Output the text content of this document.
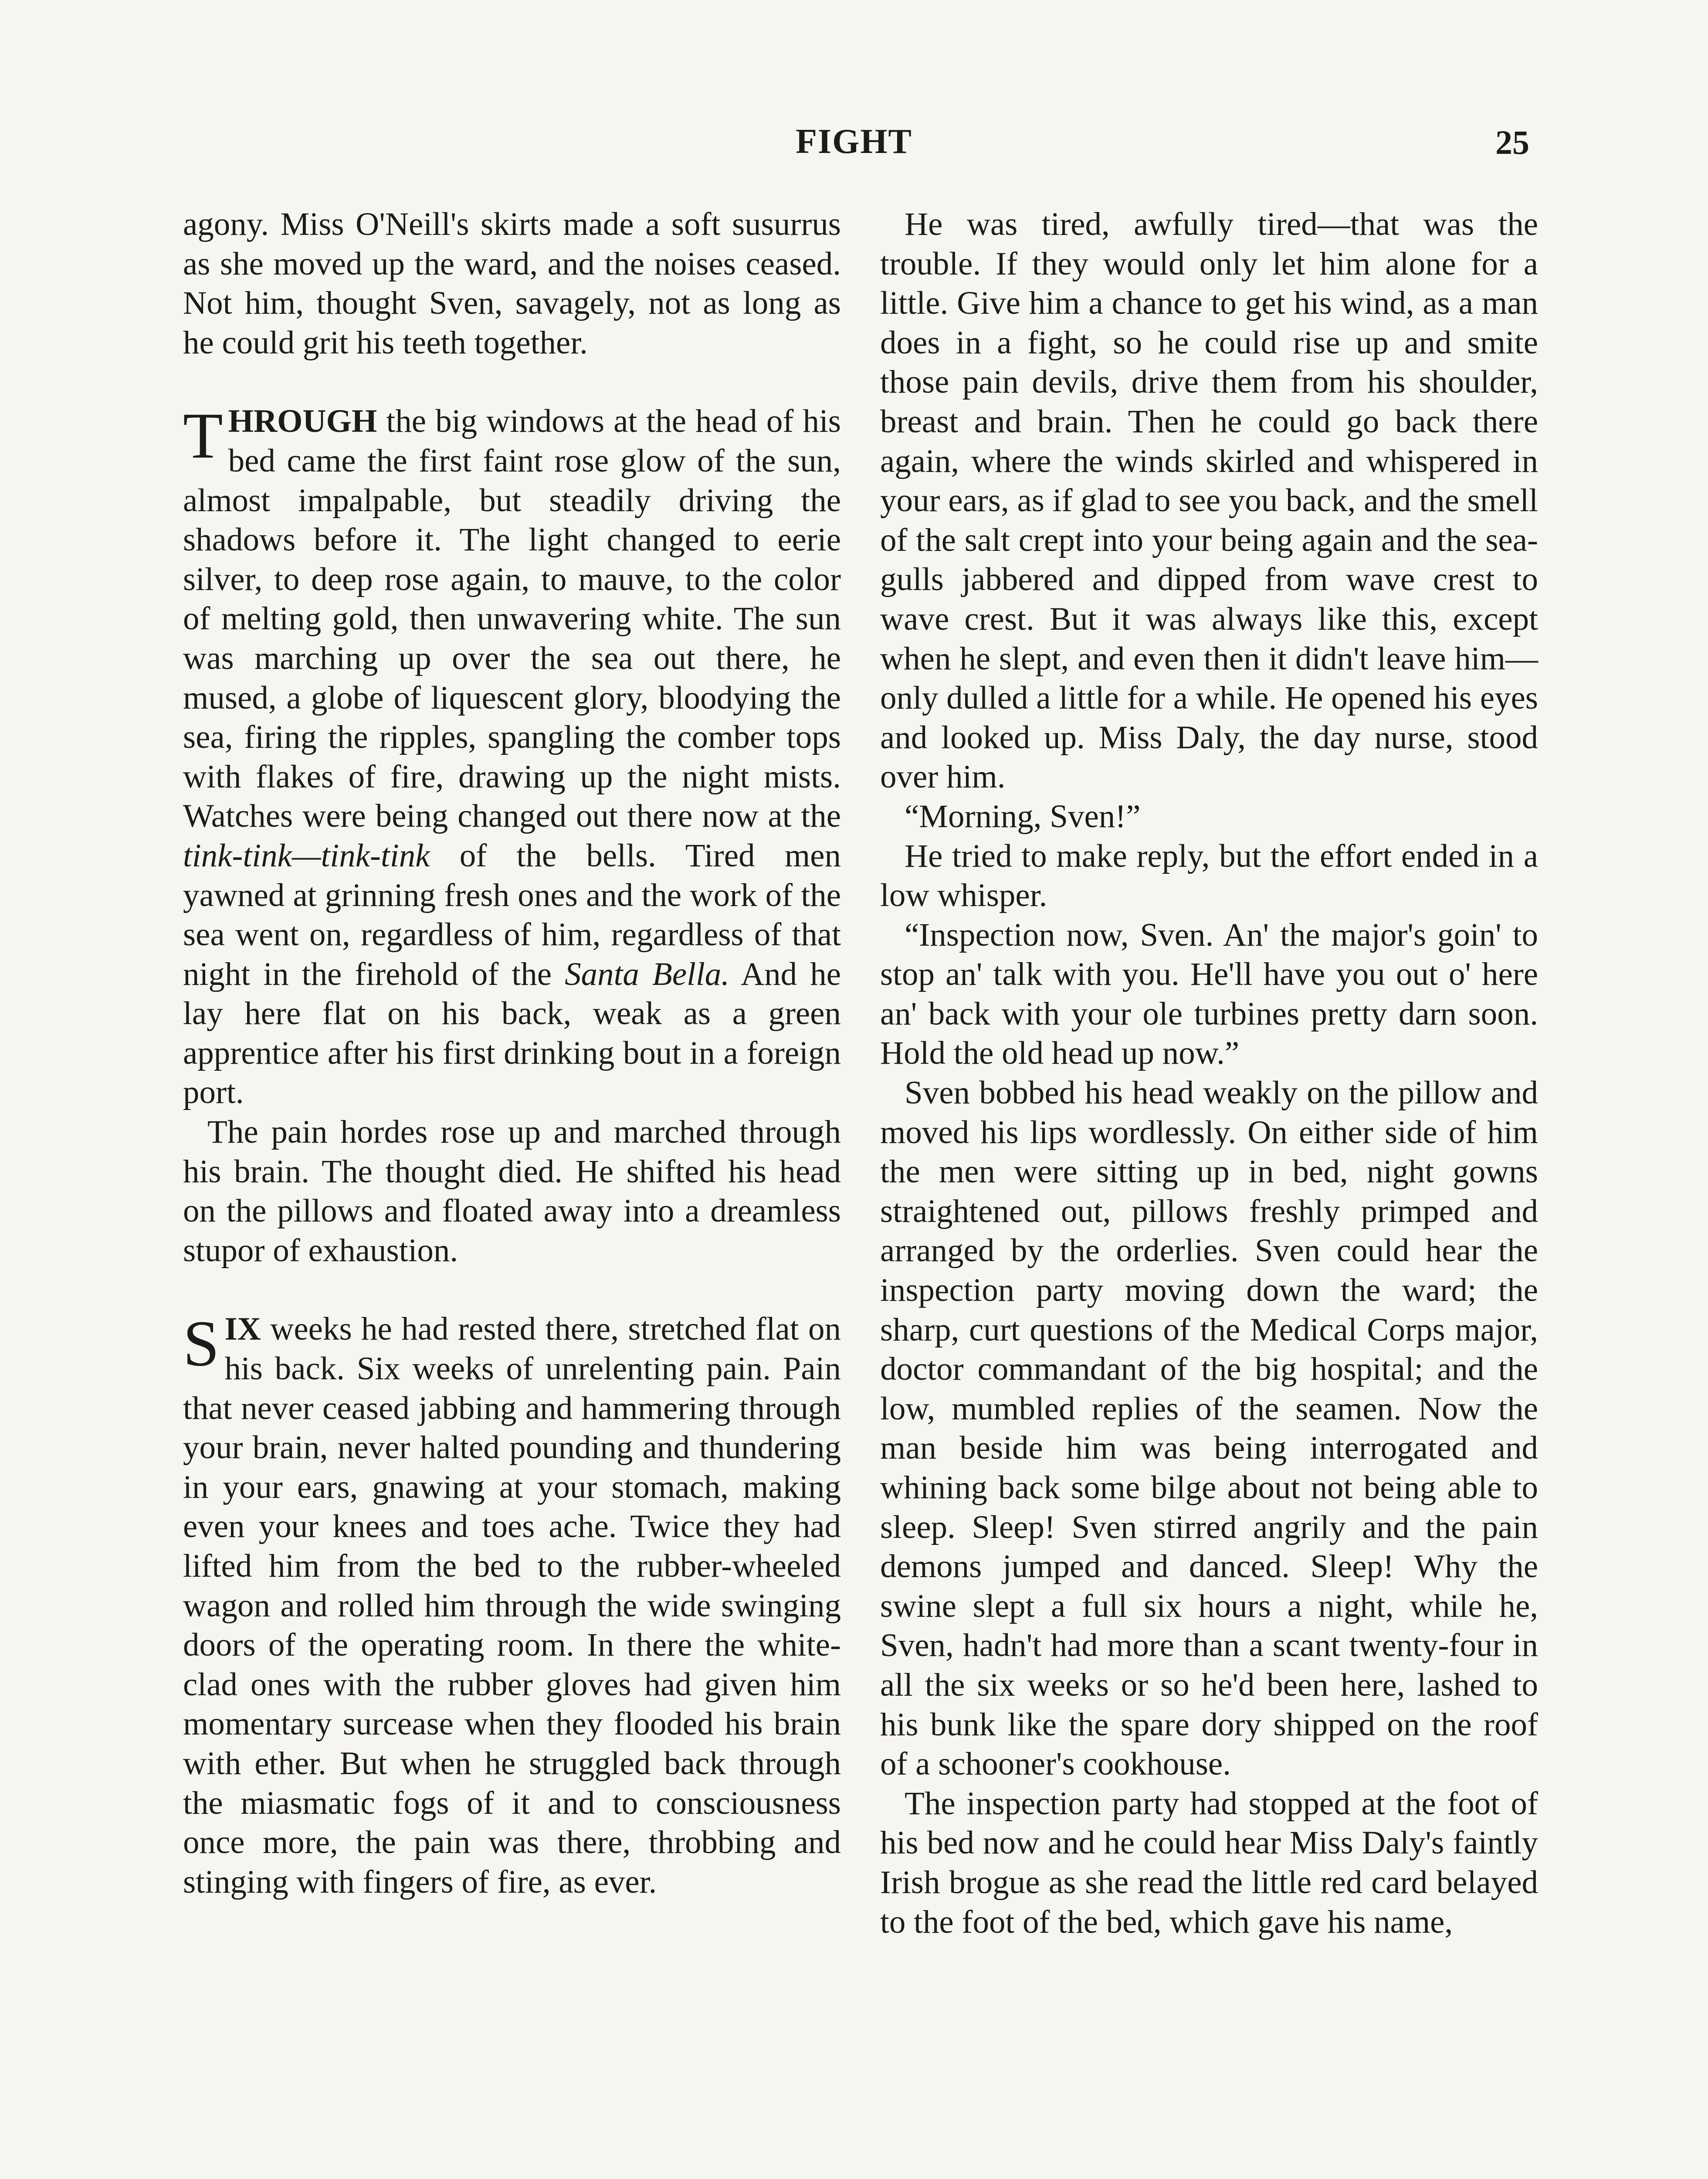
FIGHT	25

agony. Miss O'Neill's skirts made a soft susurrus as she moved up the ward, and the noises ceased. Not him, thought Sven, savagely, not as long as he could grit his teeth together.

THROUGH the big windows at the head of his bed came the first faint rose glow of the sun, almost impalpable, but steadily driving the shadows before it. The light changed to eerie silver, to deep rose again, to mauve, to the color of melting gold, then unwavering white. The sun was marching up over the sea out there, he mused, a globe of liquescent glory, bloodying the sea, firing the ripples, spangling the comber tops with flakes of fire, drawing up the night mists. Watches were being changed out there now at the tink-tink—tink-tink of the bells. Tired men yawned at grinning fresh ones and the work of the sea went on, regardless of him, regardless of that night in the firehold of the Santa Bella. And he lay here flat on his back, weak as a green apprentice after his first drinking bout in a foreign port.

The pain hordes rose up and marched through his brain. The thought died. He shifted his head on the pillows and floated away into a dreamless stupor of exhaustion.

SIX weeks he had rested there, stretched flat on his back. Six weeks of unrelenting pain. Pain that never ceased jabbing and hammering through your brain, never halted pounding and thundering in your ears, gnawing at your stomach, making even your knees and toes ache. Twice they had lifted him from the bed to the rubber-wheeled wagon and rolled him through the wide swinging doors of the operating room. In there the white-clad ones with the rubber gloves had given him momentary surcease when they flooded his brain with ether. But when he struggled back through the miasmatic fogs of it and to consciousness once more, the pain was there, throbbing and stinging with fingers of fire, as ever.

He was tired, awfully tired—that was the trouble. If they would only let him alone for a little. Give him a chance to get his wind, as a man does in a fight, so he could rise up and smite those pain devils, drive them from his shoulder, breast and brain. Then he could go back there again, where the winds skirled and whispered in your ears, as if glad to see you back, and the smell of the salt crept into your being again and the sea-gulls jabbered and dipped from wave crest to wave crest. But it was always like this, except when he slept, and even then it didn't leave him—only dulled a little for a while. He opened his eyes and looked up. Miss Daly, the day nurse, stood over him.

“Morning, Sven!”

He tried to make reply, but the effort ended in a low whisper.

“Inspection now, Sven. An' the major's goin' to stop an' talk with you. He'll have you out o' here an' back with your ole turbines pretty darn soon. Hold the old head up now.”

Sven bobbed his head weakly on the pillow and moved his lips wordlessly. On either side of him the men were sitting up in bed, night gowns straightened out, pillows freshly primped and arranged by the orderlies. Sven could hear the inspection party moving down the ward; the sharp, curt questions of the Medical Corps major, doctor commandant of the big hospital; and the low, mumbled replies of the seamen. Now the man beside him was being interrogated and whining back some bilge about not being able to sleep. Sleep! Sven stirred angrily and the pain demons jumped and danced. Sleep! Why the swine slept a full six hours a night, while he, Sven, hadn't had more than a scant twenty-four in all the six weeks or so he'd been here, lashed to his bunk like the spare dory shipped on the roof of a schooner's cookhouse.

The inspection party had stopped at the foot of his bed now and he could hear Miss Daly's faintly Irish brogue as she read the little red card belayed to the foot of the bed, which gave his name,
